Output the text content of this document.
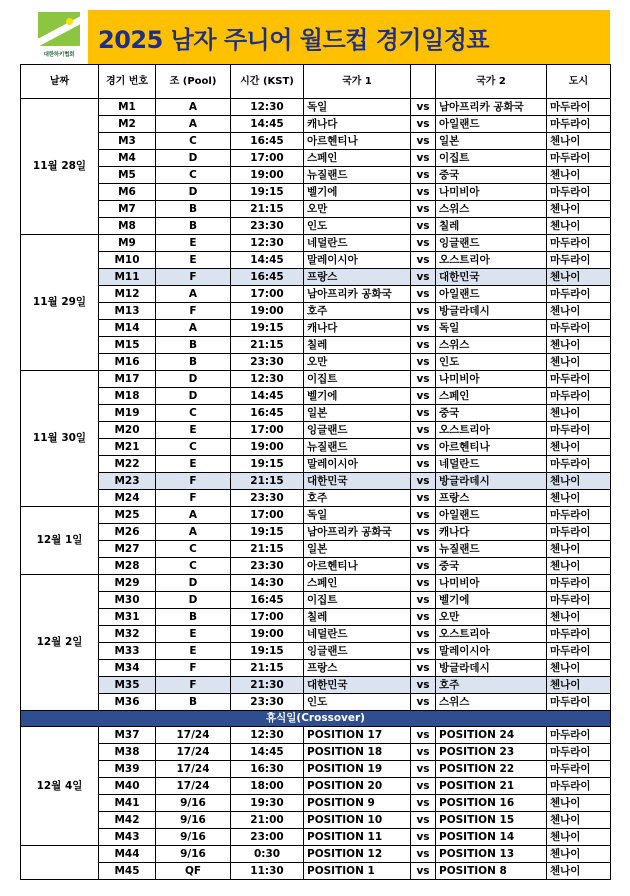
대한하키협회
2025 남자 주니어 월드컵 경기일정표
날짜	경기 번호	조 (Pool)	시간 (KST)	국가 1		국가 2	도시
11월 28일	M1	A	12:30	독일	vs	남아프리카 공화국	마두라이
	M2	A	14:45	캐나다	vs	아일랜드	마두라이
	M3	C	16:45	아르헨티나	vs	일본	첸나이
	M4	D	17:00	스페인	vs	이집트	마두라이
	M5	C	19:00	뉴질랜드	vs	중국	첸나이
	M6	D	19:15	벨기에	vs	나미비아	마두라이
	M7	B	21:15	오만	vs	스위스	첸나이
	M8	B	23:30	인도	vs	칠레	첸나이
11월 29일	M9	E	12:30	네덜란드	vs	잉글랜드	마두라이
	M10	E	14:45	말레이시아	vs	오스트리아	마두라이
	M11	F	16:45	프랑스	vs	대한민국	첸나이
	M12	A	17:00	남아프리카 공화국	vs	아일랜드	마두라이
	M13	F	19:00	호주	vs	방글라데시	첸나이
	M14	A	19:15	캐나다	vs	독일	마두라이
	M15	B	21:15	칠레	vs	스위스	첸나이
	M16	B	23:30	오만	vs	인도	첸나이
11월 30일	M17	D	12:30	이집트	vs	나미비아	마두라이
	M18	D	14:45	벨기에	vs	스페인	마두라이
	M19	C	16:45	일본	vs	중국	첸나이
	M20	E	17:00	잉글랜드	vs	오스트리아	마두라이
	M21	C	19:00	뉴질랜드	vs	아르헨티나	첸나이
	M22	E	19:15	말레이시아	vs	네덜란드	마두라이
	M23	F	21:15	대한민국	vs	방글라데시	첸나이
	M24	F	23:30	호주	vs	프랑스	첸나이
12월 1일	M25	A	17:00	독일	vs	아일랜드	마두라이
	M26	A	19:15	남아프리카 공화국	vs	캐나다	마두라이
	M27	C	21:15	일본	vs	뉴질랜드	첸나이
	M28	C	23:30	아르헨티나	vs	중국	첸나이
12월 2일	M29	D	14:30	스페인	vs	나미비아	마두라이
	M30	D	16:45	이집트	vs	벨기에	마두라이
	M31	B	17:00	칠레	vs	오만	첸나이
	M32	E	19:00	네덜란드	vs	오스트리아	마두라이
	M33	E	19:15	잉글랜드	vs	말레이시아	마두라이
	M34	F	21:15	프랑스	vs	방글라데시	첸나이
	M35	F	21:30	대한민국	vs	호주	첸나이
	M36	B	23:30	인도	vs	스위스	마두라이
휴식일(Crossover)							
12월 4일	M37	17/24	12:30	POSITION 17	vs	POSITION 24	마두라이
	M38	17/24	14:45	POSITION 18	vs	POSITION 23	마두라이
	M39	17/24	16:30	POSITION 19	vs	POSITION 22	마두라이
	M40	17/24	18:00	POSITION 20	vs	POSITION 21	마두라이
	M41	9/16	19:30	POSITION 9	vs	POSITION 16	첸나이
	M42	9/16	21:00	POSITION 10	vs	POSITION 15	첸나이
	M43	9/16	23:00	POSITION 11	vs	POSITION 14	첸나이
	M44	9/16	0:30	POSITION 12	vs	POSITION 13	첸나이
	M45	QF	11:30	POSITION 1	vs	POSITION 8	첸나이
